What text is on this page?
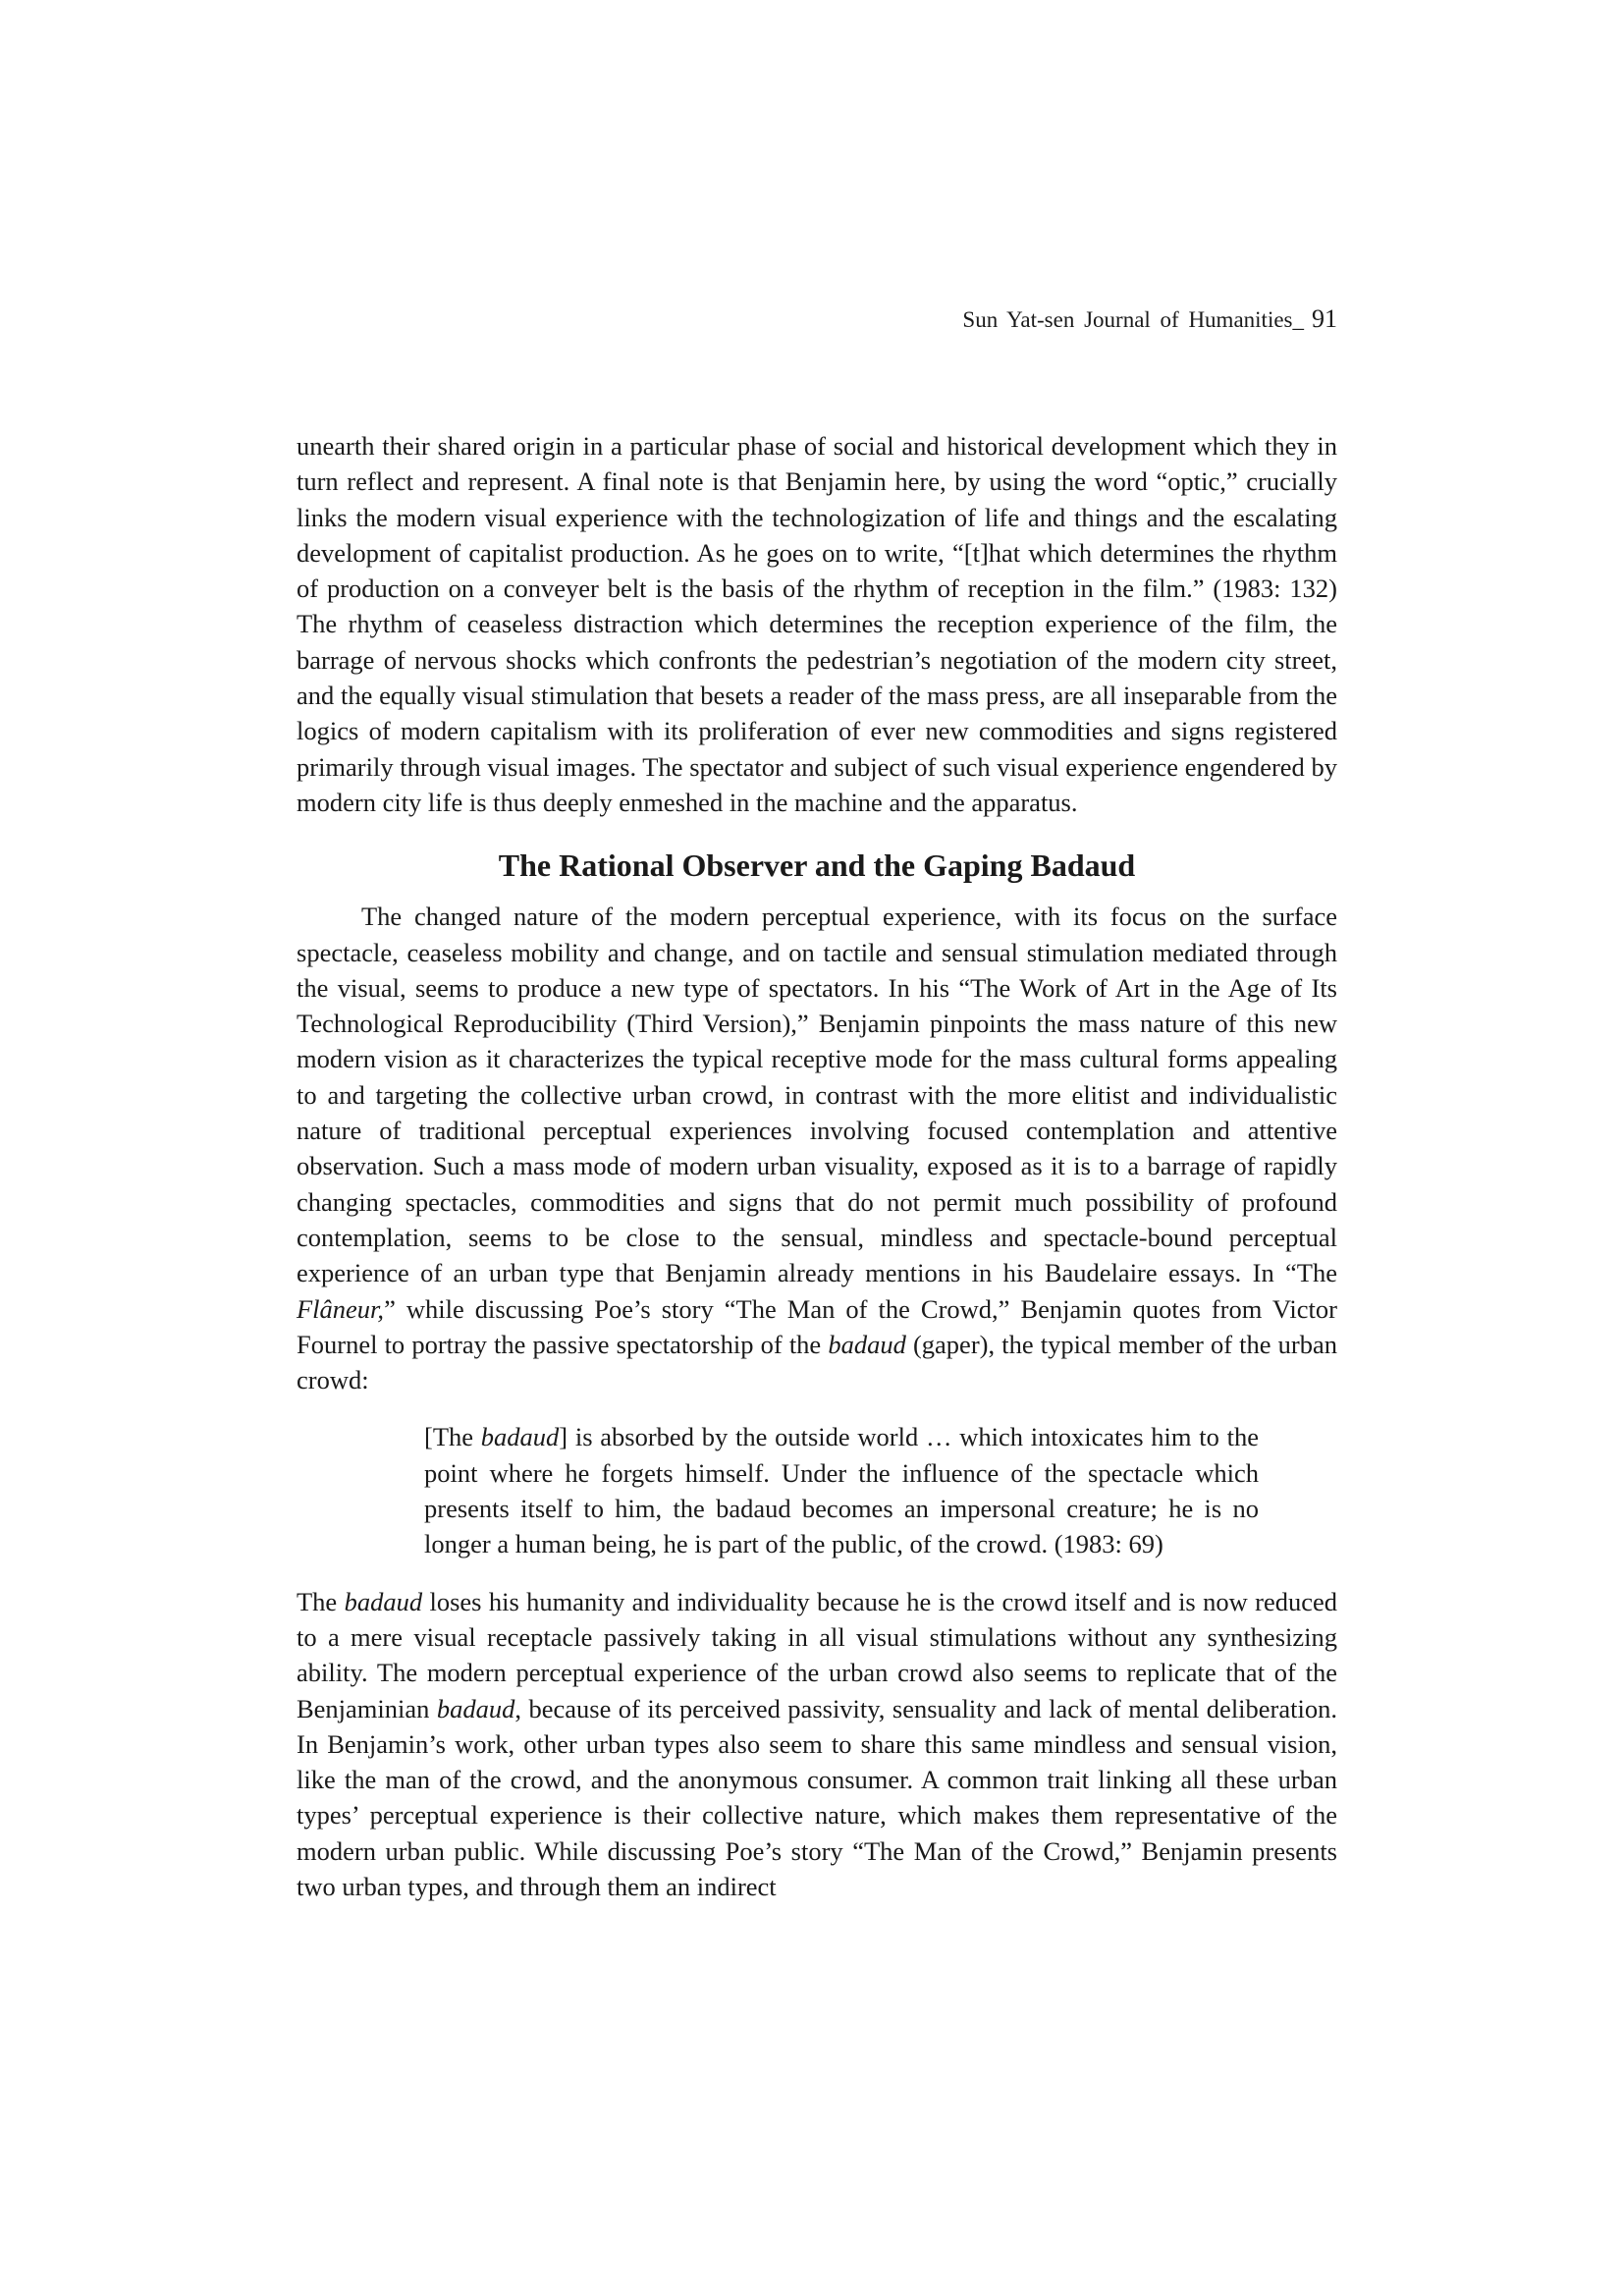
Sun Yat-sen Journal of Humanities_ 91

unearth their shared origin in a particular phase of social and historical development which they in turn reflect and represent. A final note is that Benjamin here, by using the word “optic,” crucially links the modern visual experience with the technologization of life and things and the escalating development of capitalist production. As he goes on to write, “[t]hat which determines the rhythm of production on a conveyer belt is the basis of the rhythm of reception in the film.” (1983: 132) The rhythm of ceaseless distraction which determines the reception experience of the film, the barrage of nervous shocks which confronts the pedestrian’s negotiation of the modern city street, and the equally visual stimulation that besets a reader of the mass press, are all inseparable from the logics of modern capitalism with its proliferation of ever new commodities and signs registered primarily through visual images. The spectator and subject of such visual experience engendered by modern city life is thus deeply enmeshed in the machine and the apparatus.

The Rational Observer and the Gaping Badaud

The changed nature of the modern perceptual experience, with its focus on the surface spectacle, ceaseless mobility and change, and on tactile and sensual stimulation mediated through the visual, seems to produce a new type of spectators. In his “The Work of Art in the Age of Its Technological Reproducibility (Third Version),” Benjamin pinpoints the mass nature of this new modern vision as it characterizes the typical receptive mode for the mass cultural forms appealing to and targeting the collective urban crowd, in contrast with the more elitist and individualistic nature of traditional perceptual experiences involving focused contemplation and attentive observation. Such a mass mode of modern urban visuality, exposed as it is to a barrage of rapidly changing spectacles, commodities and signs that do not permit much possibility of profound contemplation, seems to be close to the sensual, mindless and spectacle-bound perceptual experience of an urban type that Benjamin already mentions in his Baudelaire essays. In “The Flâneur,” while discussing Poe’s story “The Man of the Crowd,” Benjamin quotes from Victor Fournel to portray the passive spectatorship of the badaud (gaper), the typical member of the urban crowd:

[The badaud] is absorbed by the outside world … which intoxicates him to the point where he forgets himself. Under the influence of the spectacle which presents itself to him, the badaud becomes an impersonal creature; he is no longer a human being, he is part of the public, of the crowd. (1983: 69)

The badaud loses his humanity and individuality because he is the crowd itself and is now reduced to a mere visual receptacle passively taking in all visual stimulations without any synthesizing ability. The modern perceptual experience of the urban crowd also seems to replicate that of the Benjaminian badaud, because of its perceived passivity, sensuality and lack of mental deliberation. In Benjamin’s work, other urban types also seem to share this same mindless and sensual vision, like the man of the crowd, and the anonymous consumer. A common trait linking all these urban types’ perceptual experience is their collective nature, which makes them representative of the modern urban public. While discussing Poe’s story “The Man of the Crowd,” Benjamin presents two urban types, and through them an indirect
